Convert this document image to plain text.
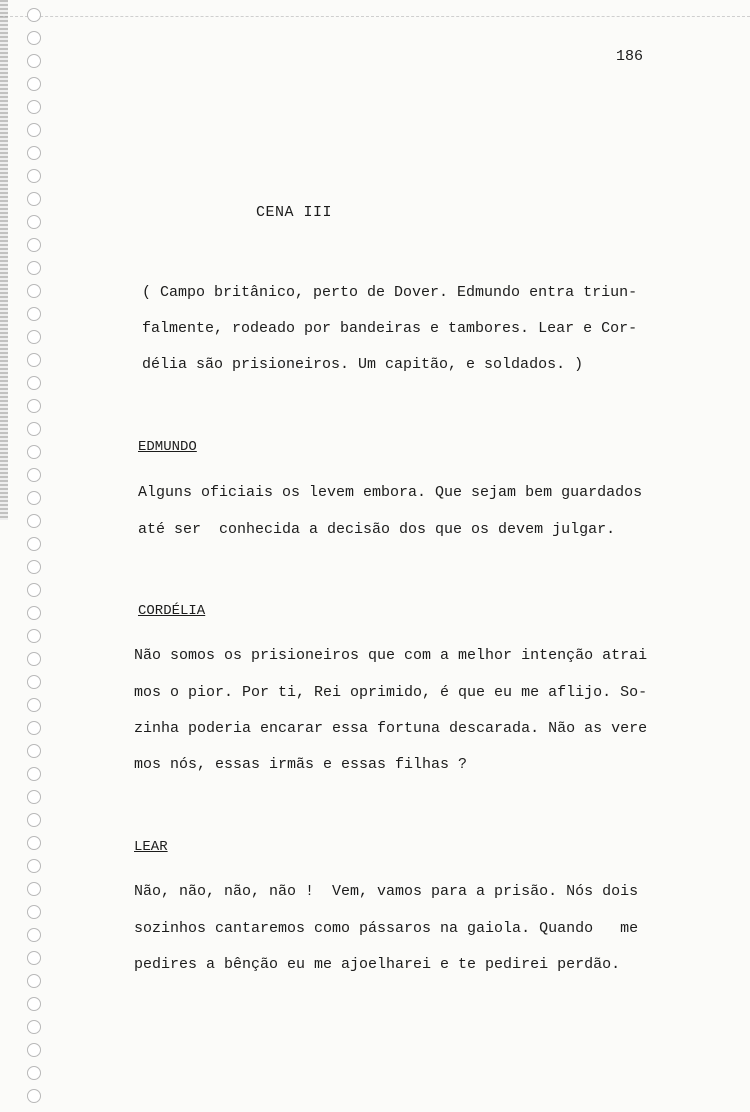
186
CENA III
( Campo britânico, perto de Dover. Edmundo entra triun-
falmente, rodeado por bandeiras e tambores. Lear e Cor-
délia são prisioneiros. Um capitão, e soldados. )
EDMUNDO
Alguns oficiais os levem embora. Que sejam bem guardados
até ser  conhecida a decisão dos que os devem julgar.
CORDÉLIA
Não somos os prisioneiros que com a melhor intenção atrai
mos o pior. Por ti, Rei oprimido, é que eu me aflijo. So-
zinha poderia encarar essa fortuna descarada. Não as vere
mos nós, essas irmãs e essas filhas ?
LEAR
Não, não, não, não !  Vem, vamos para a prisão. Nós dois
sozinhos cantaremos como pássaros na gaiola. Quando   me
pedires a bênção eu me ajoelharei e te pedirei perdão.
